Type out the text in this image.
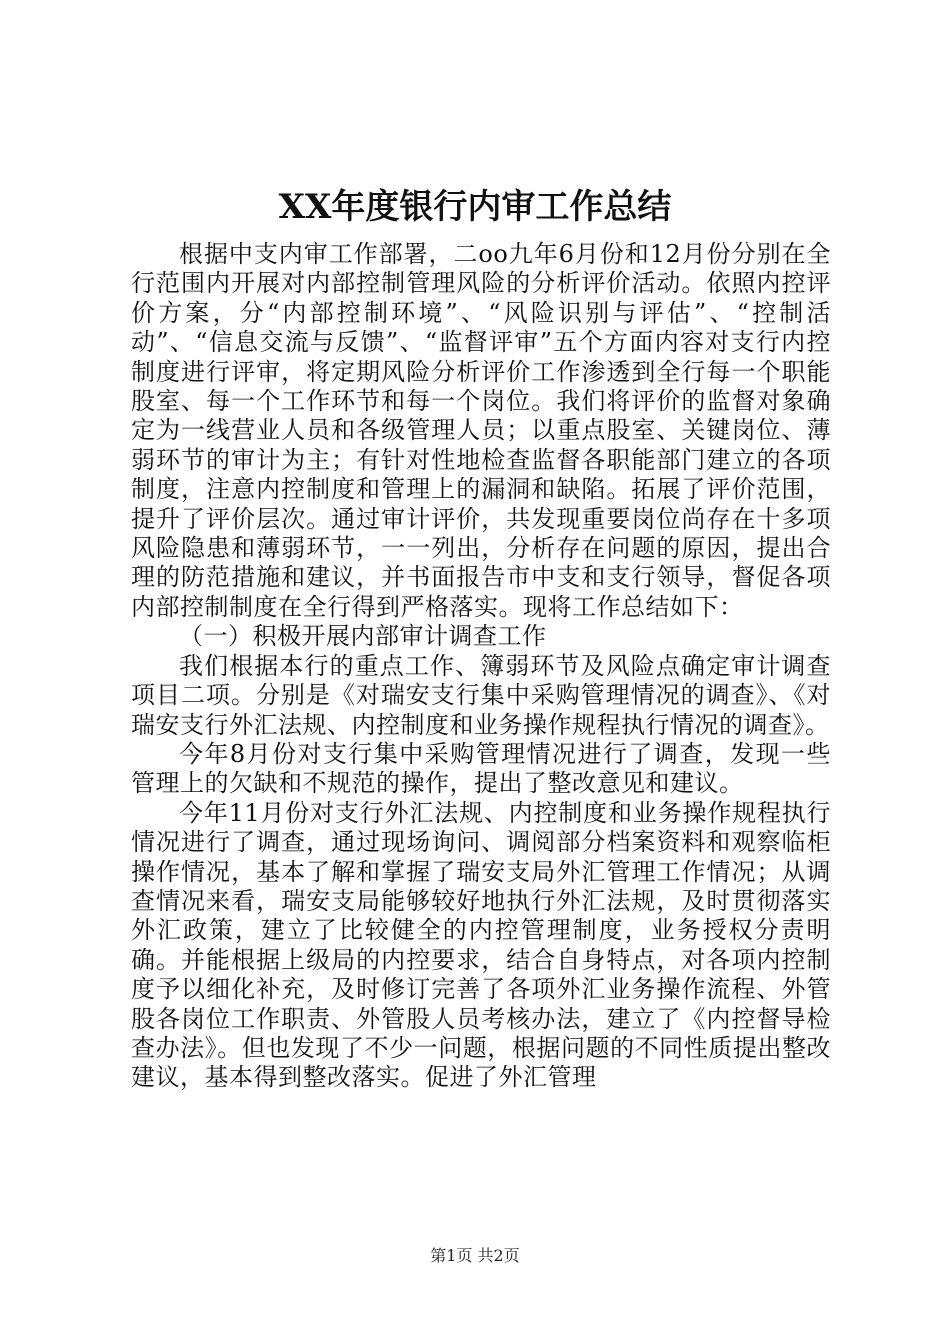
XX年度银行内审工作总结

根据中支内审工作部署，二oo九年6月份和12月份分别在全行范围内开展对内部控制管理风险的分析评价活动。依照内控评价方案，分“内部控制环境”、“风险识别与评估”、“控制活动”、“信息交流与反馈”、“监督评审”五个方面内容对支行内控制度进行评审，将定期风险分析评价工作渗透到全行每一个职能股室、每一个工作环节和每一个岗位。我们将评价的监督对象确定为一线营业人员和各级管理人员；以重点股室、关键岗位、薄弱环节的审计为主；有针对性地检查监督各职能部门建立的各项制度，注意内控制度和管理上的漏洞和缺陷。拓展了评价范围，提升了评价层次。通过审计评价，共发现重要岗位尚存在十多项风险隐患和薄弱环节，一一列出，分析存在问题的原因，提出合理的防范措施和建议，并书面报告市中支和支行领导，督促各项内部控制制度在全行得到严格落实。现将工作总结如下：

（一）积极开展内部审计调查工作

我们根据本行的重点工作、簿弱环节及风险点确定审计调查项目二项。分别是《对瑞安支行集中采购管理情况的调查》、《对瑞安支行外汇法规、内控制度和业务操作规程执行情况的调查》。

今年8月份对支行集中采购管理情况进行了调查，发现一些管理上的欠缺和不规范的操作，提出了整改意见和建议。

今年11月份对支行外汇法规、内控制度和业务操作规程执行情况进行了调查，通过现场询问、调阅部分档案资料和观察临柜操作情况，基本了解和掌握了瑞安支局外汇管理工作情况；从调查情况来看，瑞安支局能够较好地执行外汇法规，及时贯彻落实外汇政策，建立了比较健全的内控管理制度，业务授权分责明确。并能根据上级局的内控要求，结合自身特点，对各项内控制度予以细化补充，及时修订完善了各项外汇业务操作流程、外管股各岗位工作职责、外管股人员考核办法，建立了《内控督导检查办法》。但也发现了不少一问题，根据问题的不同性质提出整改建议，基本得到整改落实。促进了外汇管理

第1页 共2页
